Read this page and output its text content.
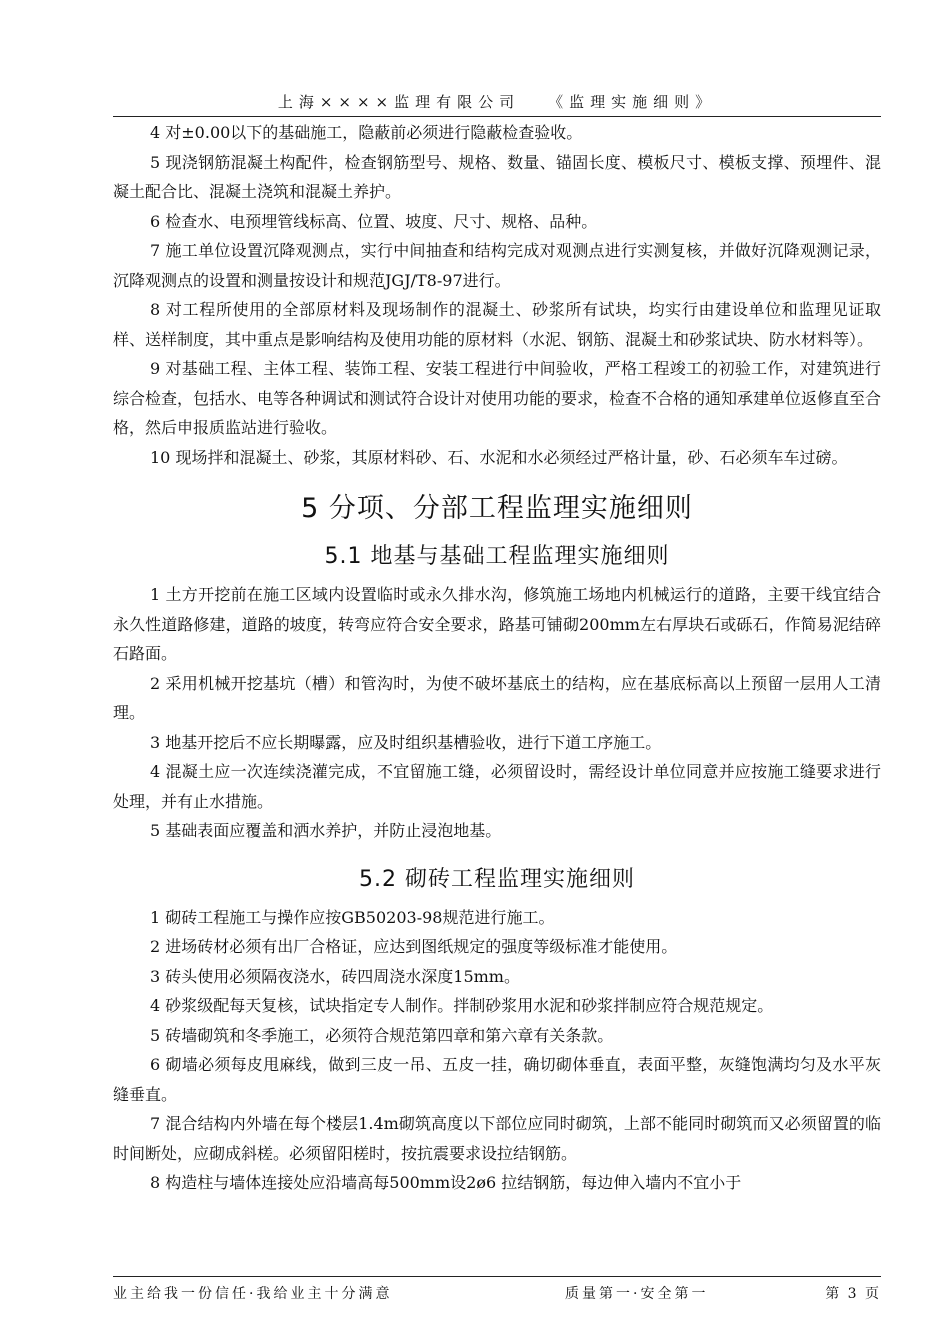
上海××××监理有限公司 《监理实施细则》

4 对±0.00以下的基础施工，隐蔽前必须进行隐蔽检查验收。

5 现浇钢筋混凝土构配件，检查钢筋型号、规格、数量、锚固长度、模板尺寸、模板支撑、预埋件、混凝土配合比、混凝土浇筑和混凝土养护。

6 检查水、电预埋管线标高、位置、坡度、尺寸、规格、品种。

7 施工单位设置沉降观测点，实行中间抽查和结构完成对观测点进行实测复核，并做好沉降观测记录，沉降观测点的设置和测量按设计和规范JGJ/T8-97进行。

8 对工程所使用的全部原材料及现场制作的混凝土、砂浆所有试块，均实行由建设单位和监理见证取样、送样制度，其中重点是影响结构及使用功能的原材料（水泥、钢筋、混凝土和砂浆试块、防水材料等）。

9 对基础工程、主体工程、装饰工程、安装工程进行中间验收，严格工程竣工的初验工作，对建筑进行综合检查，包括水、电等各种调试和测试符合设计对使用功能的要求，检查不合格的通知承建单位返修直至合格，然后申报质监站进行验收。

10 现场拌和混凝土、砂浆，其原材料砂、石、水泥和水必须经过严格计量，砂、石必须车车过磅。

5 分项、分部工程监理实施细则
5.1 地基与基础工程监理实施细则

1 土方开挖前在施工区域内设置临时或永久排水沟，修筑施工场地内机械运行的道路，主要干线宜结合永久性道路修建，道路的坡度，转弯应符合安全要求，路基可铺砌200mm左右厚块石或砾石，作简易泥结碎石路面。

2 采用机械开挖基坑（槽）和管沟时，为使不破坏基底土的结构，应在基底标高以上预留一层用人工清理。

3 地基开挖后不应长期曝露，应及时组织基槽验收，进行下道工序施工。

4 混凝土应一次连续浇灌完成，不宜留施工缝，必须留设时，需经设计单位同意并应按施工缝要求进行处理，并有止水措施。

5 基础表面应覆盖和洒水养护，并防止浸泡地基。

5.2 砌砖工程监理实施细则

1 砌砖工程施工与操作应按GB50203-98规范进行施工。

2 进场砖材必须有出厂合格证，应达到图纸规定的强度等级标准才能使用。

3 砖头使用必须隔夜浇水，砖四周浇水深度15mm。

4 砂浆级配每天复核，试块指定专人制作。拌制砂浆用水泥和砂浆拌制应符合规范规定。

5 砖墙砌筑和冬季施工，必须符合规范第四章和第六章有关条款。

6 砌墙必须每皮甩麻线，做到三皮一吊、五皮一挂，确切砌体垂直，表面平整，灰缝饱满均匀及水平灰缝垂直。

7 混合结构内外墙在每个楼层1.4m砌筑高度以下部位应同时砌筑，上部不能同时砌筑而又必须留置的临时间断处，应砌成斜槎。必须留阳槎时，按抗震要求设拉结钢筋。

8 构造柱与墙体连接处应沿墙高每500mm设2ø6 拉结钢筋，每边伸入墙内不宜小于

业主给我一份信任·我给业主十分满意	质量第一·安全第一	第 3 页
